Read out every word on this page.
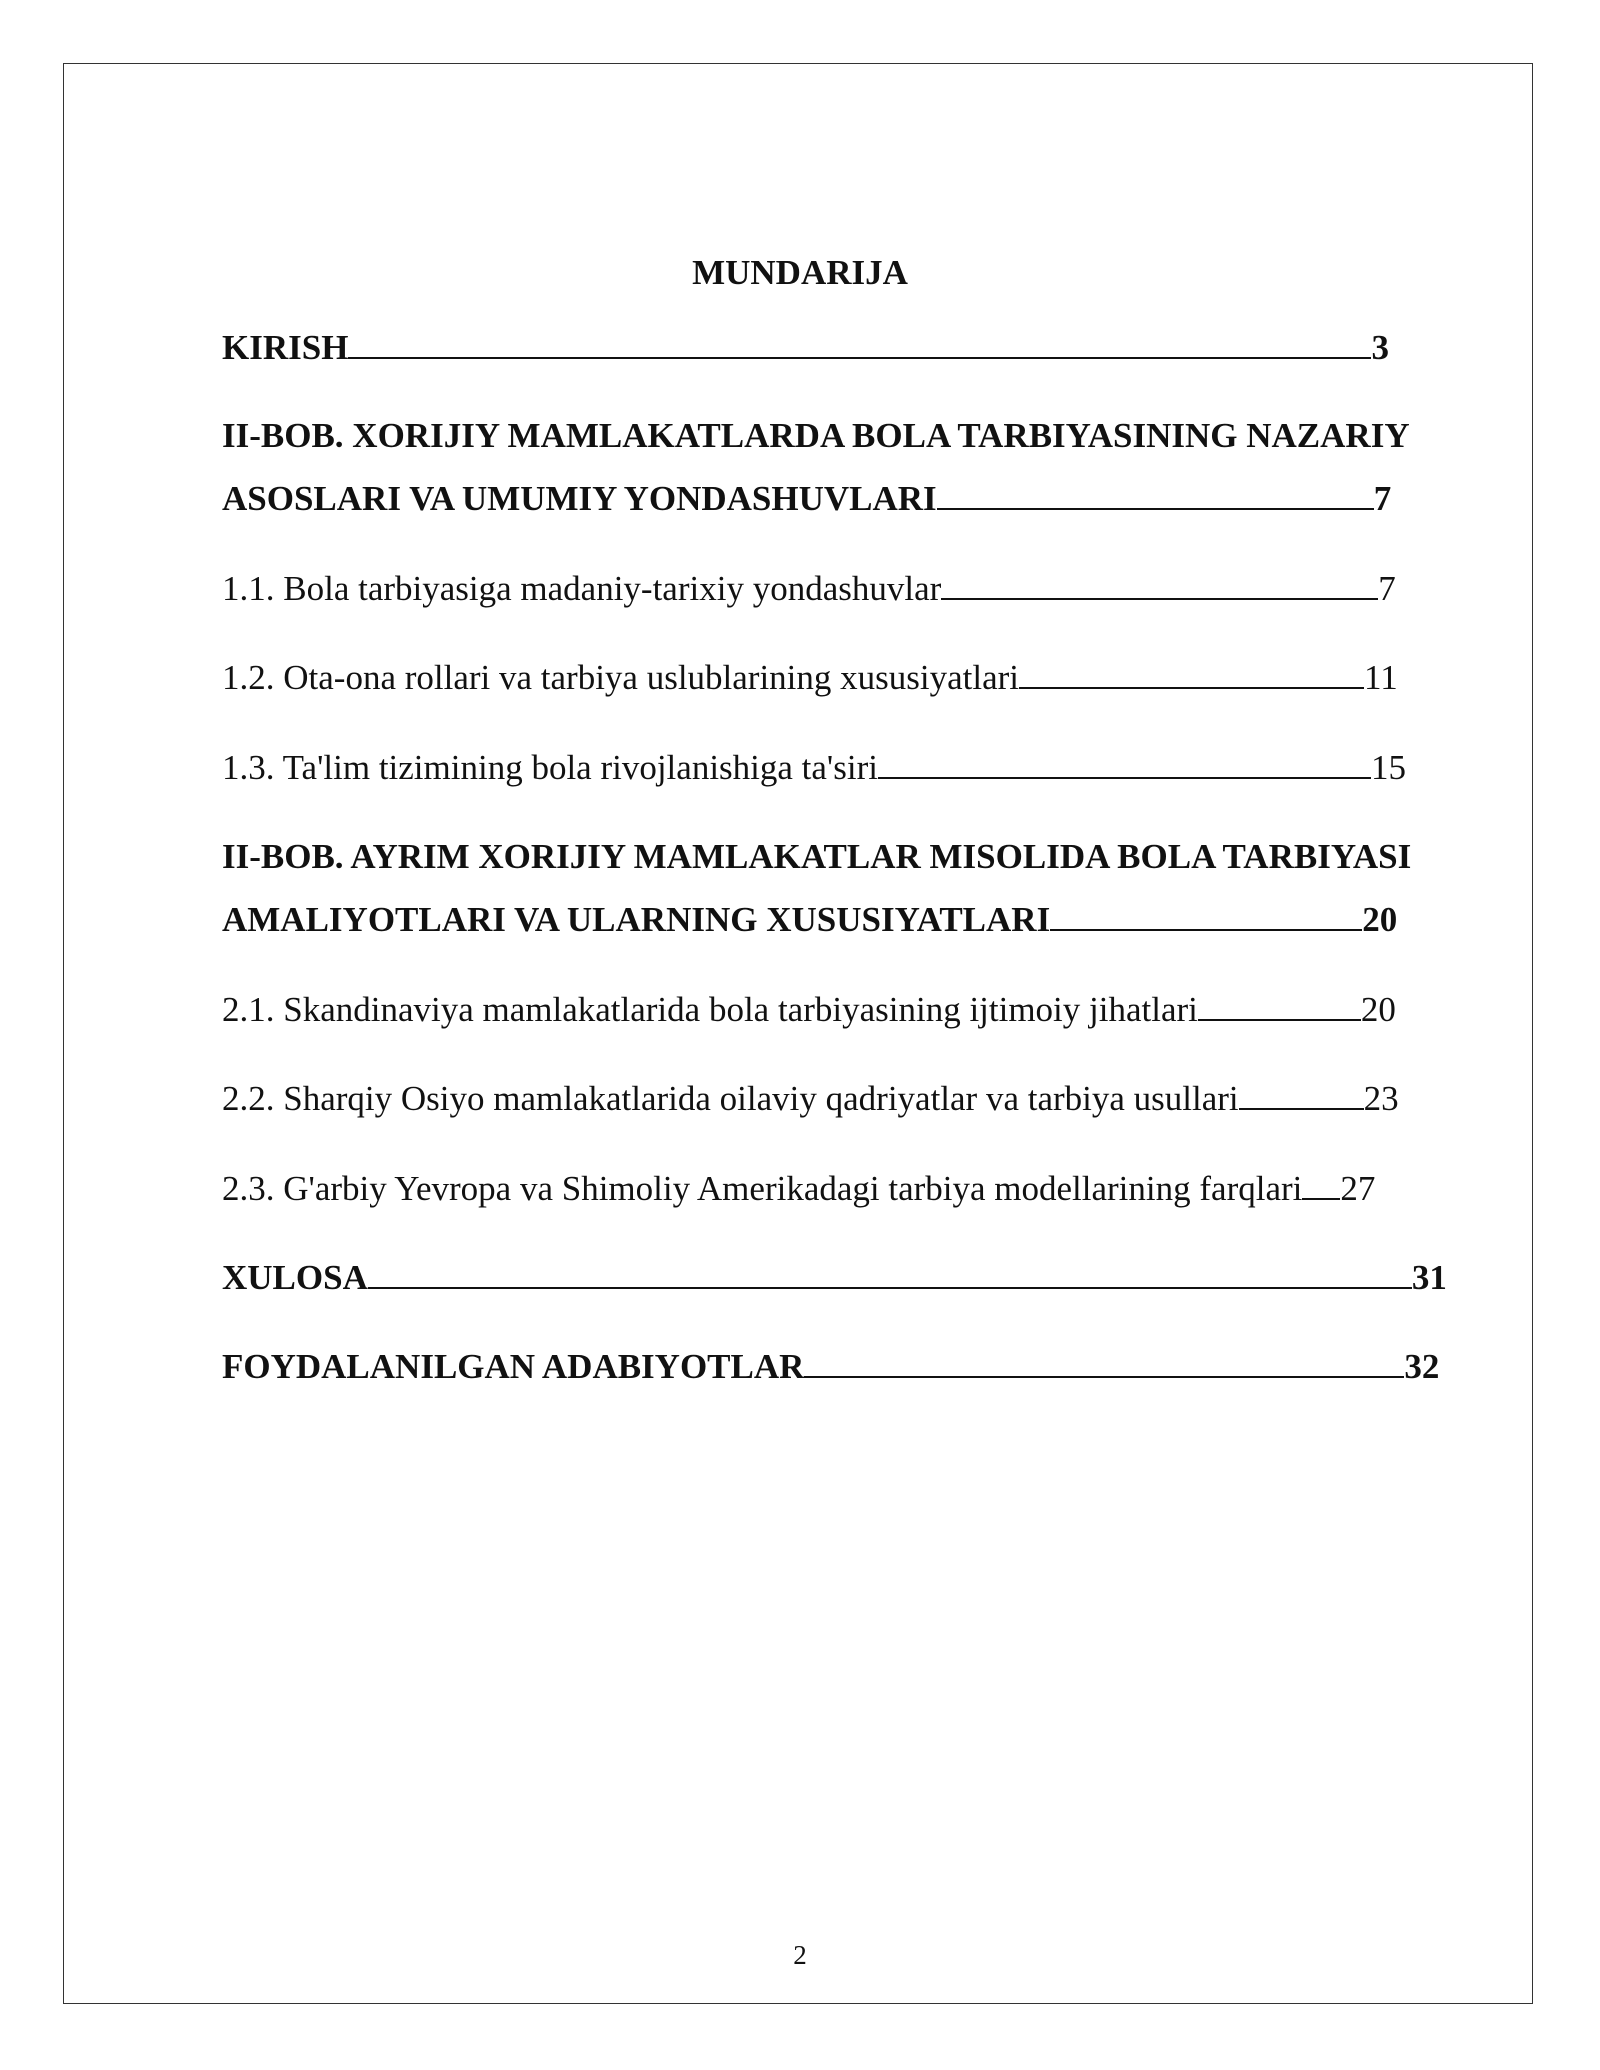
MUNDARIJA
KIRISH	3
II-BOB. XORIJIY MAMLAKATLARDA BOLA TARBIYASINING NAZARIY
ASOSLARI VA UMUMIY YONDASHUVLARI	7
1.1. Bola tarbiyasiga madaniy-tarixiy yondashuvlar	7
1.2. Ota-ona rollari va tarbiya uslublarining xususiyatlari	11
1.3. Ta'lim tizimining bola rivojlanishiga ta'siri	15
II-BOB. AYRIM XORIJIY MAMLAKATLAR MISOLIDA BOLA TARBIYASI
AMALIYOTLARI VA ULARNING XUSUSIYATLARI	20
2.1. Skandinaviya mamlakatlarida bola tarbiyasining ijtimoiy jihatlari	20
2.2. Sharqiy Osiyo mamlakatlarida oilaviy qadriyatlar va tarbiya usullari	23
2.3. G'arbiy Yevropa va Shimoliy Amerikadagi tarbiya modellarining farqlari 27
XULOSA	31
FOYDALANILGAN ADABIYOTLAR	32
2
